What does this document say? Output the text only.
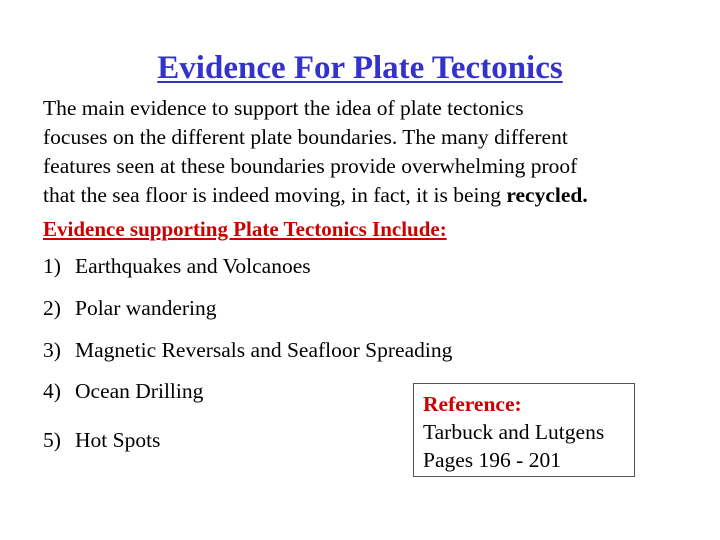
Evidence For Plate Tectonics
The main evidence to support the idea of plate tectonics
focuses on the different plate boundaries. The many different
features seen at these boundaries provide overwhelming proof
that the sea floor is indeed moving, in fact, it is being recycled.
Evidence supporting Plate Tectonics Include:
1) Earthquakes and Volcanoes
2) Polar wandering
3) Magnetic Reversals and Seafloor Spreading
4) Ocean Drilling
5) Hot Spots
Reference:
Tarbuck and Lutgens
Pages 196 - 201
